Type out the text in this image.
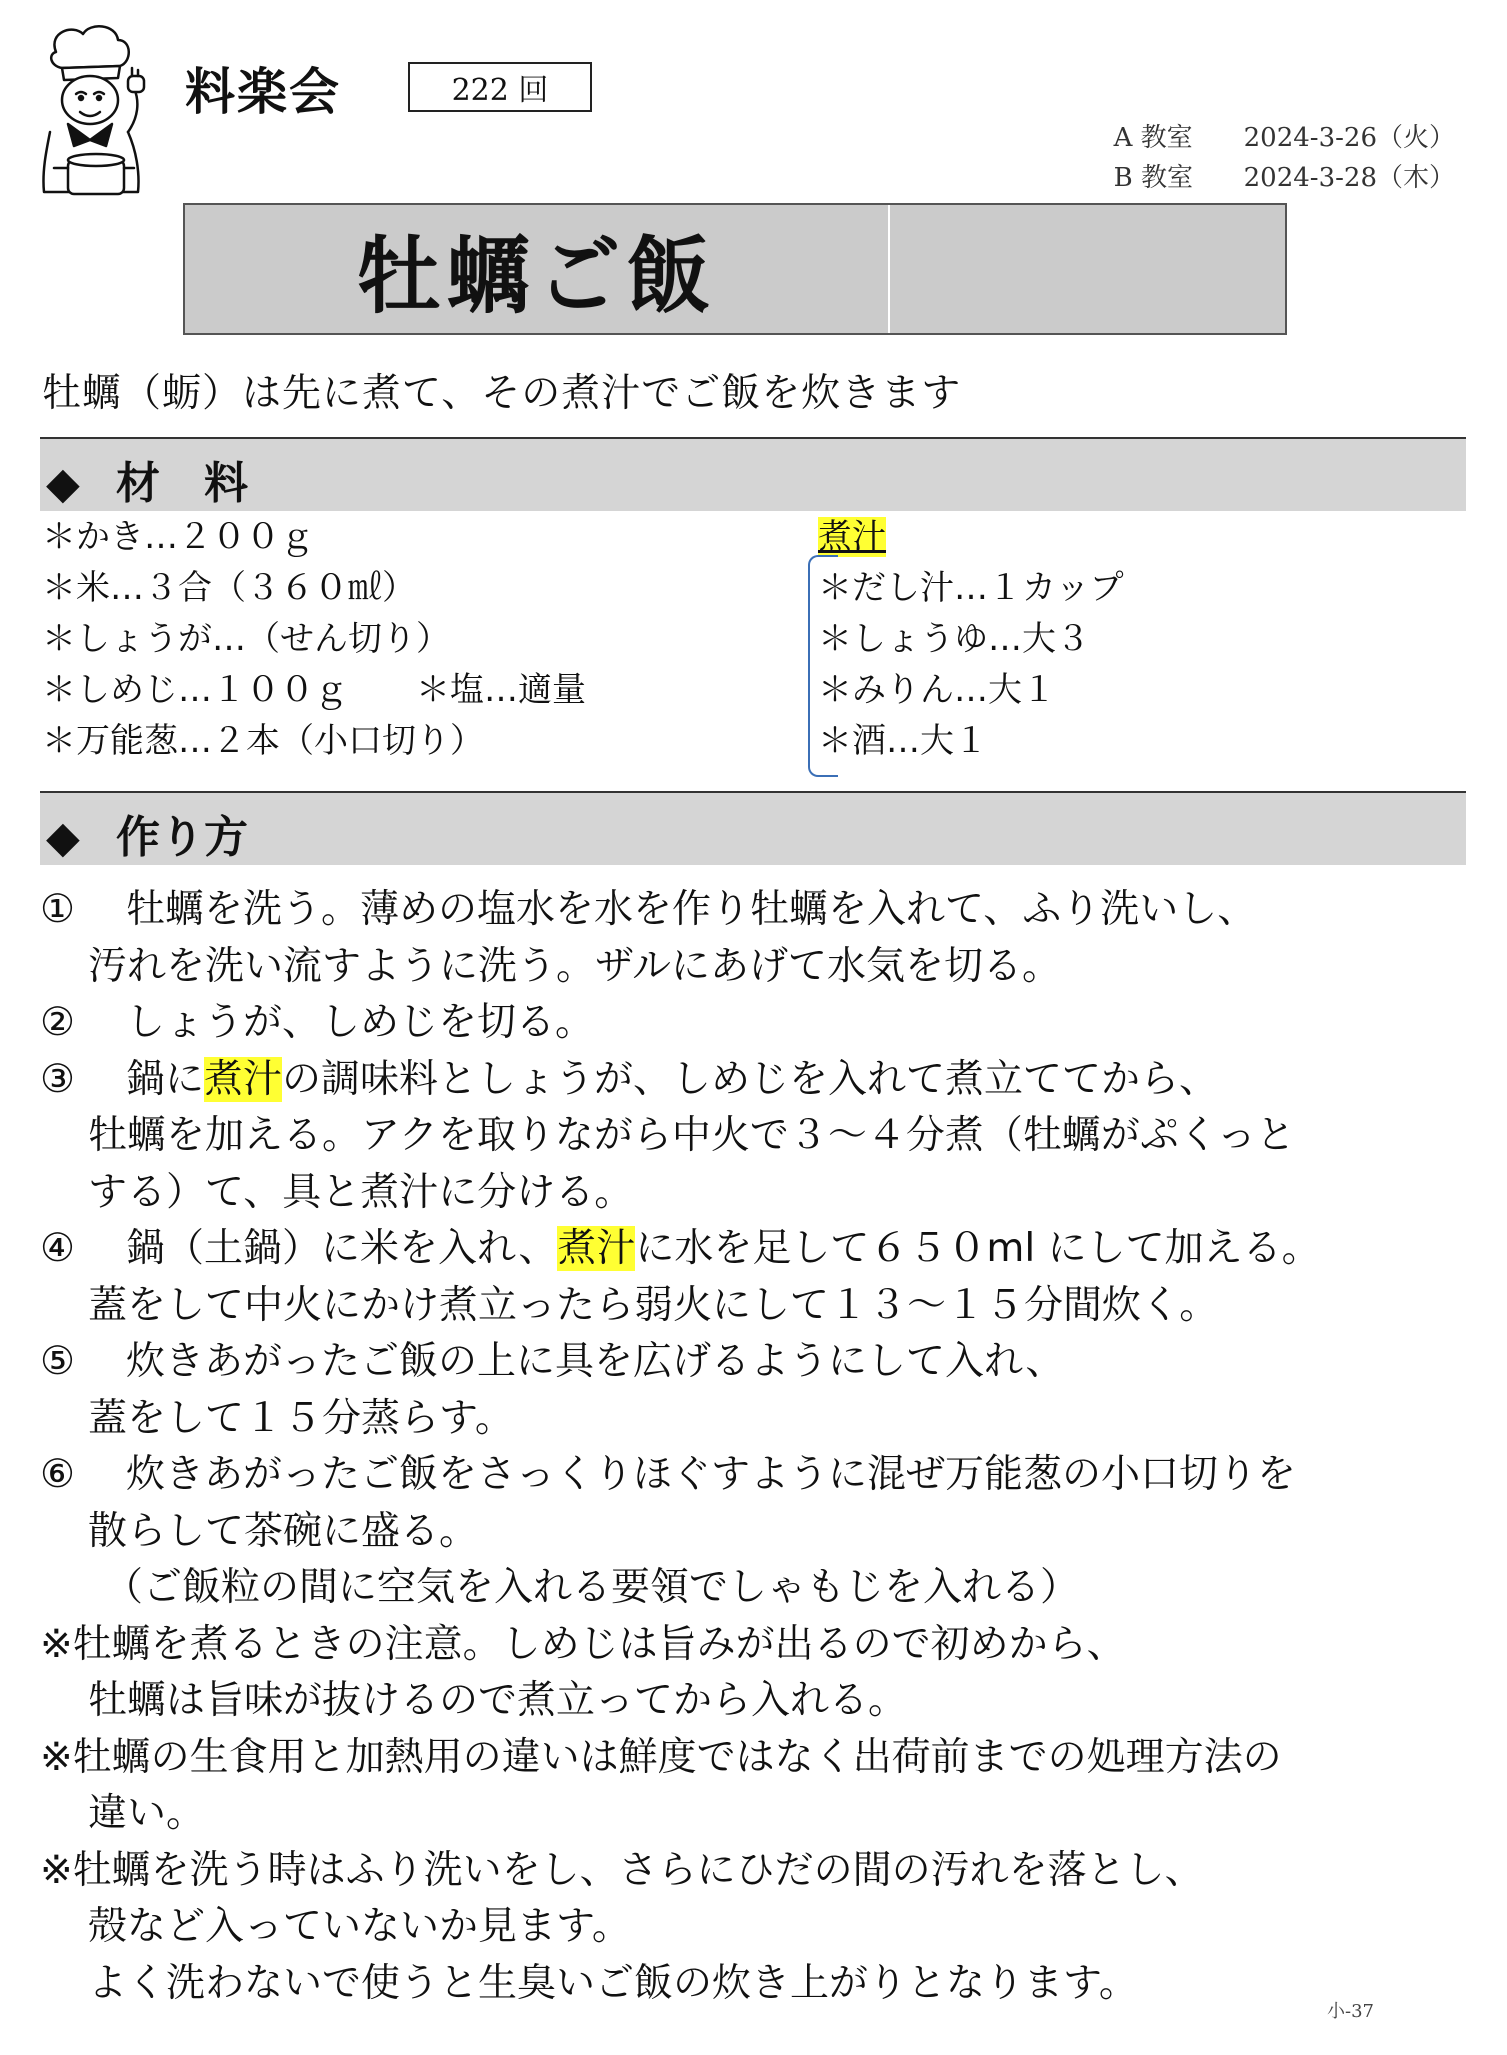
料楽会	222 回
A 教室 2024-3-26（火）
B 教室 2024-3-28（木）
牡蠣ご飯
牡蠣（蛎）は先に煮て、その煮汁でご飯を炊きます
◆ 材　料
＊かき…２００ｇ
＊米…３合（３６０㎖）
＊しょうが…（せん切り）
＊しめじ…１００ｇ　　＊塩…適量
＊万能葱…２本（小口切り）
煮汁
＊だし汁…１カップ
＊しょうゆ…大３
＊みりん…大１
＊酒…大１
◆ 作り方
① 牡蠣を洗う。薄めの塩水を水を作り牡蠣を入れて、ふり洗いし、
汚れを洗い流すように洗う。ザルにあげて水気を切る。
② しょうが、しめじを切る。
③ 鍋に煮汁の調味料としょうが、しめじを入れて煮立ててから、
牡蠣を加える。アクを取りながら中火で３～４分煮（牡蠣がぷくっと
する）て、具と煮汁に分ける。
④ 鍋（土鍋）に米を入れ、煮汁に水を足して６５０ml にして加える。
蓋をして中火にかけ煮立ったら弱火にして１３～１５分間炊く。
⑤ 炊きあがったご飯の上に具を広げるようにして入れ、
蓋をして１５分蒸らす。
⑥ 炊きあがったご飯をさっくりほぐすように混ぜ万能葱の小口切りを
散らして茶碗に盛る。
（ご飯粒の間に空気を入れる要領でしゃもじを入れる）
※牡蠣を煮るときの注意。しめじは旨みが出るので初めから、
牡蠣は旨味が抜けるので煮立ってから入れる。
※牡蠣の生食用と加熱用の違いは鮮度ではなく出荷前までの処理方法の
違い。
※牡蠣を洗う時はふり洗いをし、さらにひだの間の汚れを落とし、
殻など入っていないか見ます。
よく洗わないで使うと生臭いご飯の炊き上がりとなります。
小-37
